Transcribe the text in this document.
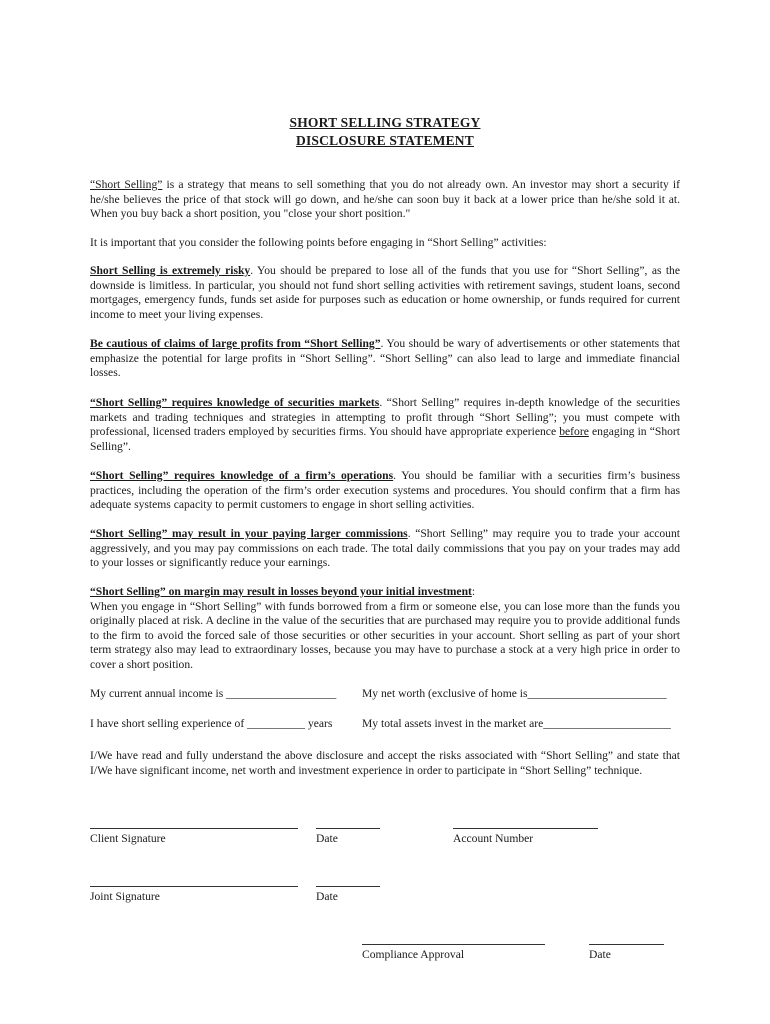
SHORT SELLING STRATEGY
DISCLOSURE STATEMENT
“Short Selling” is a strategy that means to sell something that you do not already own. An investor may short a security if he/she believes the price of that stock will go down, and he/she can soon buy it back at a lower price than he/she sold it at. When you buy back a short position, you "close your short position."
It is important that you consider the following points before engaging in “Short Selling” activities:
Short Selling is extremely risky. You should be prepared to lose all of the funds that you use for “Short Selling”, as the downside is limitless. In particular, you should not fund short selling activities with retirement savings, student loans, second mortgages, emergency funds, funds set aside for purposes such as education or home ownership, or funds required for current income to meet your living expenses.
Be cautious of claims of large profits from “Short Selling”. You should be wary of advertisements or other statements that emphasize the potential for large profits in “Short Selling”. “Short Selling” can also lead to large and immediate financial losses.
“Short Selling” requires knowledge of securities markets. “Short Selling” requires in-depth knowledge of the securities markets and trading techniques and strategies in attempting to profit through “Short Selling”; you must compete with professional, licensed traders employed by securities firms. You should have appropriate experience before engaging in “Short Selling”.
“Short Selling” requires knowledge of a firm’s operations. You should be familiar with a securities firm’s business practices, including the operation of the firm’s order execution systems and procedures. You should confirm that a firm has adequate systems capacity to permit customers to engage in short selling activities.
“Short Selling” may result in your paying larger commissions. “Short Selling” may require you to trade your account aggressively, and you may pay commissions on each trade. The total daily commissions that you pay on your trades may add to your losses or significantly reduce your earnings.
“Short Selling” on margin may result in losses beyond your initial investment:
When you engage in “Short Selling” with funds borrowed from a firm or someone else, you can lose more than the funds you originally placed at risk. A decline in the value of the securities that are purchased may require you to provide additional funds to the firm to avoid the forced sale of those securities or other securities in your account. Short selling as part of your short term strategy also may lead to extraordinary losses, because you may have to purchase a stock at a very high price in order to cover a short position.
My current annual income is ___________________ My net worth (exclusive of home is________________________
I have short selling experience of __________ years	My total assets invest in the market are______________________
I/We have read and fully understand the above disclosure and accept the risks associated with “Short Selling” and state that I/We have significant income, net worth and investment experience in order to participate in “Short Selling” technique.
Client Signature	Date	Account Number
Joint Signature	Date
Compliance Approval	Date
